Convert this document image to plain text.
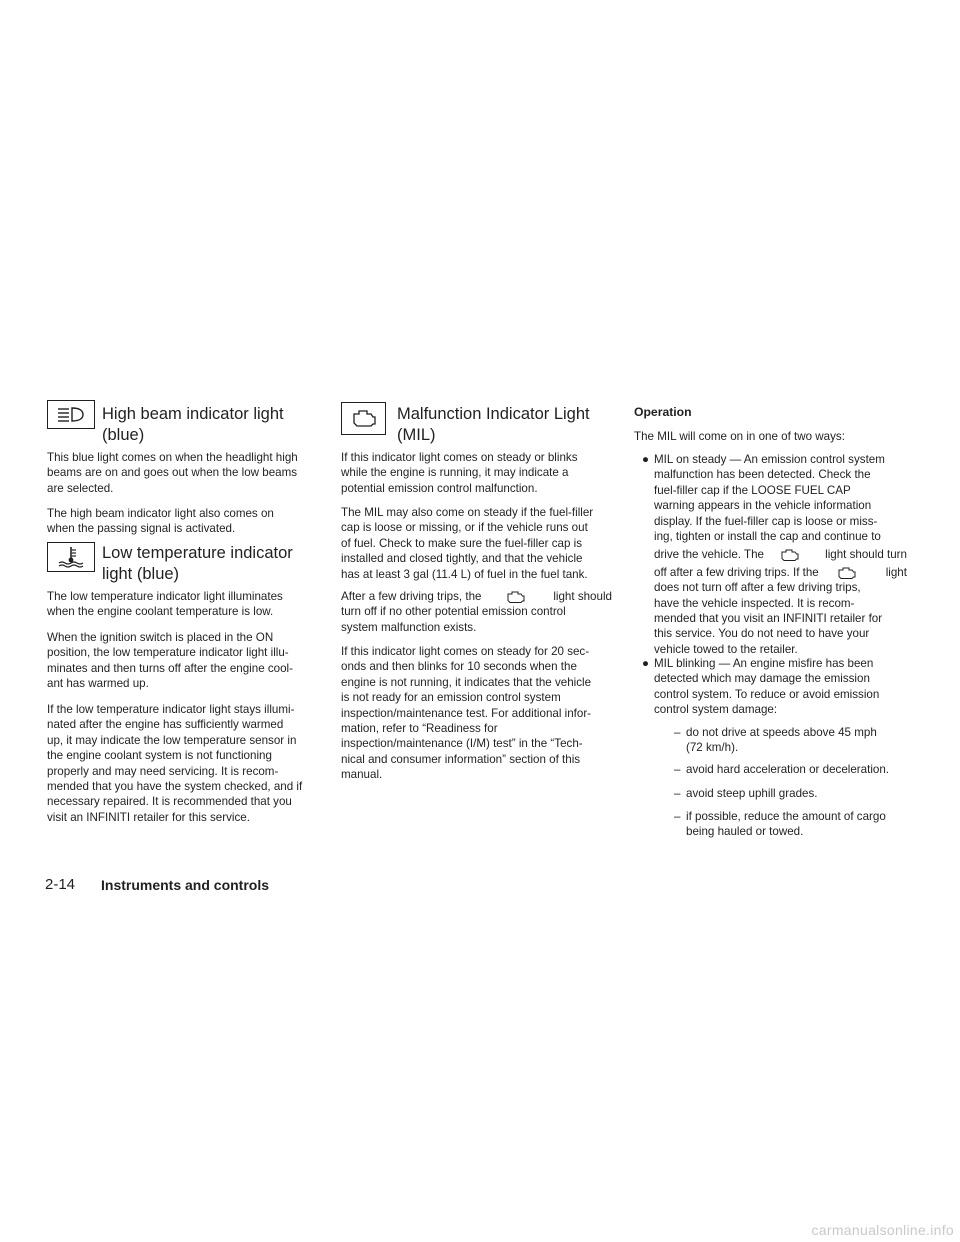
High beam indicator light
(blue)
This blue light comes on when the headlight high
beams are on and goes out when the low beams
are selected.
The high beam indicator light also comes on
when the passing signal is activated.
Low temperature indicator
light (blue)
The low temperature indicator light illuminates
when the engine coolant temperature is low.
When the ignition switch is placed in the ON
position, the low temperature indicator light illu-
minates and then turns off after the engine cool-
ant has warmed up.
If the low temperature indicator light stays illumi-
nated after the engine has sufficiently warmed
up, it may indicate the low temperature sensor in
the engine coolant system is not functioning
properly and may need servicing. It is recom-
mended that you have the system checked, and if
necessary repaired. It is recommended that you
visit an INFINITI retailer for this service.
Malfunction Indicator Light
(MIL)
If this indicator light comes on steady or blinks
while the engine is running, it may indicate a
potential emission control malfunction.
The MIL may also come on steady if the fuel-filler
cap is loose or missing, or if the vehicle runs out
of fuel. Check to make sure the fuel-filler cap is
installed and closed tightly, and that the vehicle
has at least 3 gal (11.4 L) of fuel in the fuel tank.
After a few driving trips, the	light should
turn off if no other potential emission control
system malfunction exists.
If this indicator light comes on steady for 20 sec-
onds and then blinks for 10 seconds when the
engine is not running, it indicates that the vehicle
is not ready for an emission control system
inspection/maintenance test. For additional infor-
mation, refer to “Readiness for
inspection/maintenance (I/M) test” in the “Tech-
nical and consumer information” section of this
manual.
Operation
The MIL will come on in one of two ways:
● MIL on steady — An emission control system
malfunction has been detected. Check the
fuel-filler cap if the LOOSE FUEL CAP
warning appears in the vehicle information
display. If the fuel-filler cap is loose or miss-
ing, tighten or install the cap and continue to

drive the vehicle. The	light should turn
off after a few driving trips. If the	light
does not turn off after a few driving trips,
have the vehicle inspected. It is recom-
mended that you visit an INFINITI retailer for
this service. You do not need to have your
vehicle towed to the retailer.
● MIL blinking — An engine misfire has been
detected which may damage the emission
control system. To reduce or avoid emission
control system damage:
– do not drive at speeds above 45 mph
(72 km/h).
– avoid hard acceleration or deceleration.
– avoid steep uphill grades.
– if possible, reduce the amount of cargo
being hauled or towed.
2-14 Instruments and controls
carmanualsonline.info
